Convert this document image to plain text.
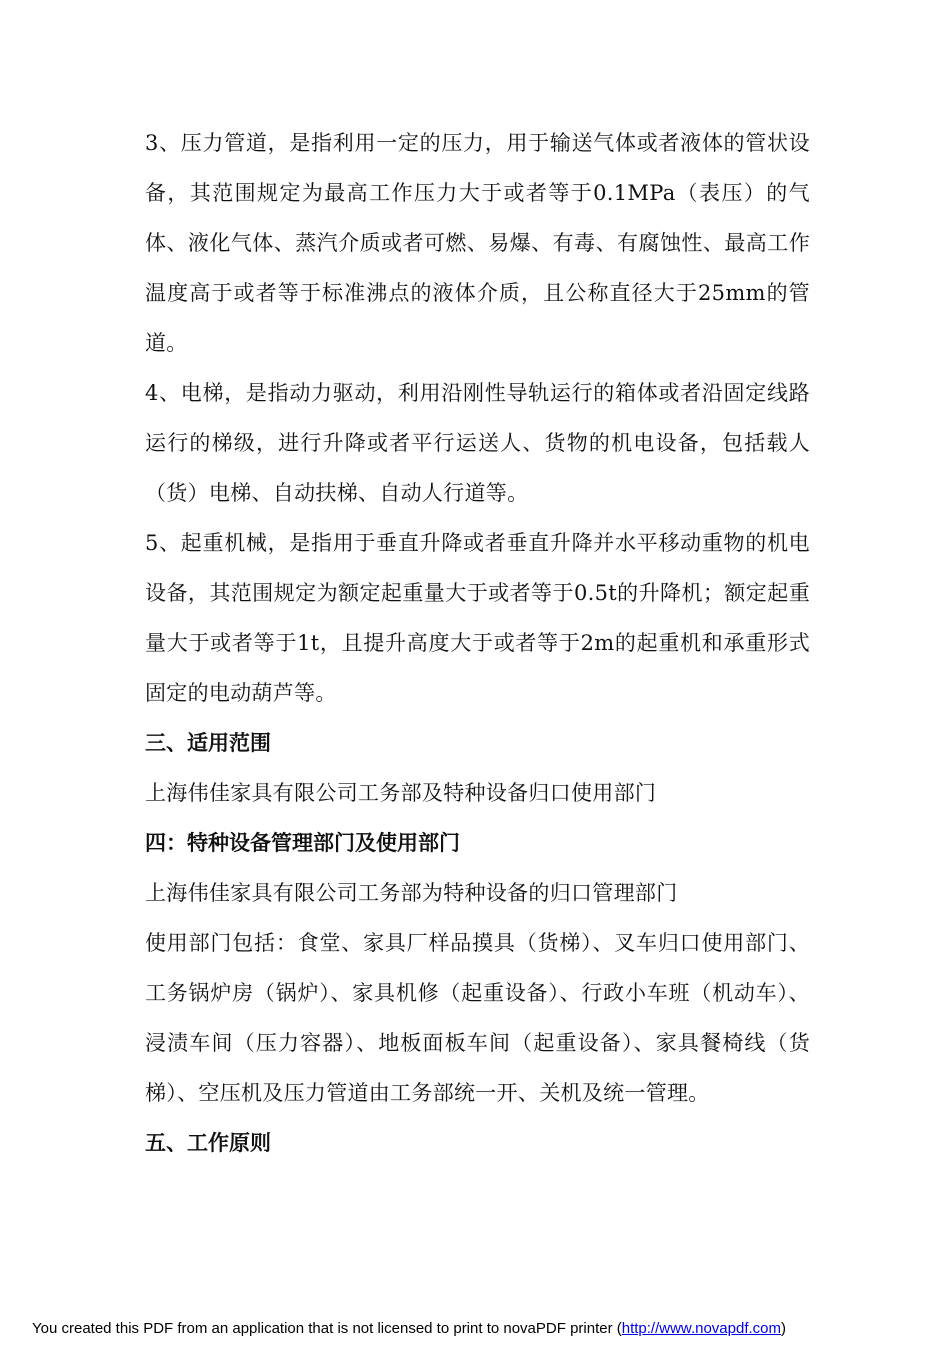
3、压力管道，是指利用一定的压力，用于输送气体或者液体的管状设备，其范围规定为最高工作压力大于或者等于0.1MPa（表压）的气体、液化气体、蒸汽介质或者可燃、易爆、有毒、有腐蚀性、最高工作温度高于或者等于标准沸点的液体介质，且公称直径大于25mm的管道。

4、电梯，是指动力驱动，利用沿刚性导轨运行的箱体或者沿固定线路运行的梯级，进行升降或者平行运送人、货物的机电设备，包括载人（货）电梯、自动扶梯、自动人行道等。

5、起重机械，是指用于垂直升降或者垂直升降并水平移动重物的机电设备，其范围规定为额定起重量大于或者等于0.5t的升降机；额定起重量大于或者等于1t，且提升高度大于或者等于2m的起重机和承重形式固定的电动葫芦等。

三、适用范围

上海伟佳家具有限公司工务部及特种设备归口使用部门

四：特种设备管理部门及使用部门

上海伟佳家具有限公司工务部为特种设备的归口管理部门

使用部门包括：食堂、家具厂样品摸具（货梯）、叉车归口使用部门、工务锅炉房（锅炉）、家具机修（起重设备）、行政小车班（机动车）、浸渍车间（压力容器）、地板面板车间（起重设备）、家具餐椅线（货梯）、空压机及压力管道由工务部统一开、关机及统一管理。

五、工作原则
You created this PDF from an application that is not licensed to print to novaPDF printer (http://www.novapdf.com)
